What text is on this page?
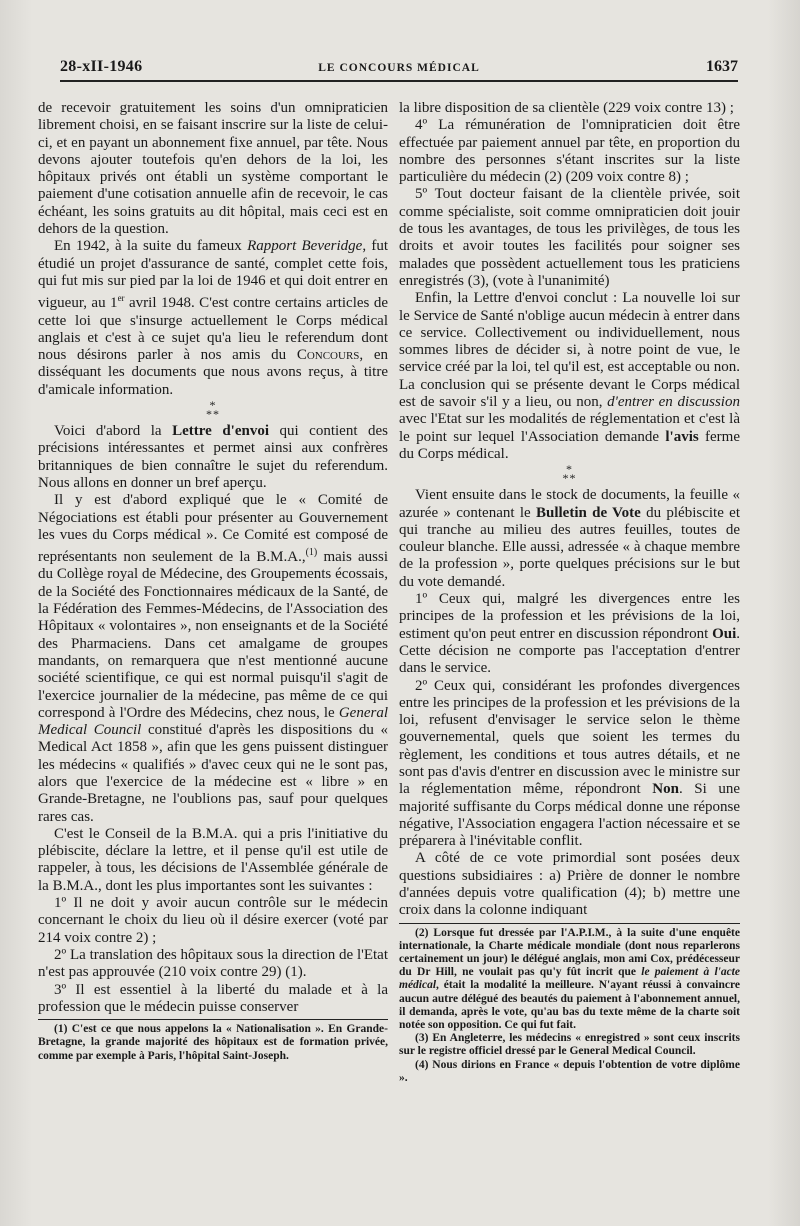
28-xII-1946	LE CONCOURS MÉDICAL	1637

de recevoir gratuitement les soins d'un omnipraticien librement choisi, en se faisant inscrire sur la liste de celui-ci, et en payant un abonnement fixe annuel, par tête. Nous devons ajouter toutefois qu'en dehors de la loi, les hôpitaux privés ont établi un système comportant le paiement d'une cotisation annuelle afin de recevoir, le cas échéant, les soins gratuits au dit hôpital, mais ceci est en dehors de la question.

En 1942, à la suite du fameux Rapport Beveridge, fut étudié un projet d'assurance de santé, complet cette fois, qui fut mis sur pied par la loi de 1946 et qui doit entrer en vigueur, au 1er avril 1948. C'est contre certains articles de cette loi que s'insurge actuellement le Corps médical anglais et c'est à ce sujet qu'a lieu le referendum dont nous désirons parler à nos amis du Concours, en disséquant les documents que nous avons reçus, à titre d'amicale information.

*
**

Voici d'abord la Lettre d'envoi qui contient des précisions intéressantes et permet ainsi aux confrères britanniques de bien connaître le sujet du referendum. Nous allons en donner un bref aperçu.

Il y est d'abord expliqué que le « Comité de Négociations est établi pour présenter au Gouvernement les vues du Corps médical ». Ce Comité est composé de représentants non seulement de la B.M.A.,$^{(1)}$ mais aussi du Collège royal de Médecine, des Groupements écossais, de la Société des Fonctionnaires médicaux de la Santé, de la Fédération des Femmes-Médecins, de l'Association des Hôpitaux « volontaires », non enseignants et de la Société des Pharmaciens. Dans cet amalgame de groupes mandants, on remarquera que n'est mentionné aucune société scientifique, ce qui est normal puisqu'il s'agit de l'exercice journalier de la médecine, pas même de ce qui correspond à l'Ordre des Médecins, chez nous, le General Medical Council constitué d'après les dispositions du « Medical Act 1858 », afin que les gens puissent distinguer les médecins « qualifiés » d'avec ceux qui ne le sont pas, alors que l'exercice de la médecine est « libre » en Grande-Bretagne, ne l'oublions pas, sauf pour quelques rares cas.

C'est le Conseil de la B.M.A. qui a pris l'initiative du plébiscite, déclare la lettre, et il pense qu'il est utile de rappeler, à tous, les décisions de l'Assemblée générale de la B.M.A., dont les plus importantes sont les suivantes :

1º Il ne doit y avoir aucun contrôle sur le médecin concernant le choix du lieu où il désire exercer (voté par 214 voix contre 2) ;

2º La translation des hôpitaux sous la direction de l'Etat n'est pas approuvée (210 voix contre 29) (1).

3º Il est essentiel à la liberté du malade et à la profession que le médecin puisse conserver

(1) C'est ce que nous appelons la « Nationalisation ». En Grande-Bretagne, la grande majorité des hôpitaux est de formation privée, comme par exemple à Paris, l'hôpital Saint-Joseph.

la libre disposition de sa clientèle (229 voix contre 13) ;

4º La rémunération de l'omnipraticien doit être effectuée par paiement annuel par tête, en proportion du nombre des personnes s'étant inscrites sur la liste particulière du médecin (2) (209 voix contre 8) ;

5º Tout docteur faisant de la clientèle privée, soit comme spécialiste, soit comme omnipraticien doit jouir de tous les avantages, de tous les privilèges, de tous les droits et avoir toutes les facilités pour soigner ses malades que possèdent actuellement tous les praticiens enregistrés (3), (vote à l'unanimité)

Enfin, la Lettre d'envoi conclut : La nouvelle loi sur le Service de Santé n'oblige aucun médecin à entrer dans ce service. Collectivement ou individuellement, nous sommes libres de décider si, à notre point de vue, le service créé par la loi, tel qu'il est, est acceptable ou non. La conclusion qui se présente devant le Corps médical est de savoir s'il y a lieu, ou non, d'entrer en discussion avec l'Etat sur les modalités de réglementation et c'est là le point sur lequel l'Association demande l'avis ferme du Corps médical.

*
**

Vient ensuite dans le stock de documents, la feuille « azurée » contenant le Bulletin de Vote du plébiscite et qui tranche au milieu des autres feuilles, toutes de couleur blanche. Elle aussi, adressée « à chaque membre de la profession », porte quelques précisions sur le but du vote demandé.

1º Ceux qui, malgré les divergences entre les principes de la profession et les prévisions de la loi, estiment qu'on peut entrer en discussion répondront Oui. Cette décision ne comporte pas l'acceptation d'entrer dans le service.

2º Ceux qui, considérant les profondes divergences entre les principes de la profession et les prévisions de la loi, refusent d'envisager le service selon le thème gouvernemental, quels que soient les termes du règlement, les conditions et tous autres détails, et ne sont pas d'avis d'entrer en discussion avec le ministre sur la réglementation même, répondront Non. Si une majorité suffisante du Corps médical donne une réponse négative, l'Association engagera l'action nécessaire et se préparera à l'inévitable conflit.

A côté de ce vote primordial sont posées deux questions subsidiaires : a) Prière de donner le nombre d'années depuis votre qualification (4); b) mettre une croix dans la colonne indiquant

(2) Lorsque fut dressée par l'A.P.I.M., à la suite d'une enquête internationale, la Charte médicale mondiale (dont nous reparlerons certainement un jour) le délégué anglais, mon ami Cox, prédécesseur du Dr Hill, ne voulait pas qu'y fût incrit que le paiement à l'acte médical, était la modalité la meilleure. N'ayant réussi à convaincre aucun autre délégué des beautés du paiement à l'abonnement annuel, il demanda, après le vote, qu'au bas du texte même de la charte soit notée son opposition. Ce qui fut fait.

(3) En Angleterre, les médecins « enregistred » sont ceux inscrits sur le registre officiel dressé par le General Medical Council.

(4) Nous dirions en France « depuis l'obtention de votre diplôme ».
